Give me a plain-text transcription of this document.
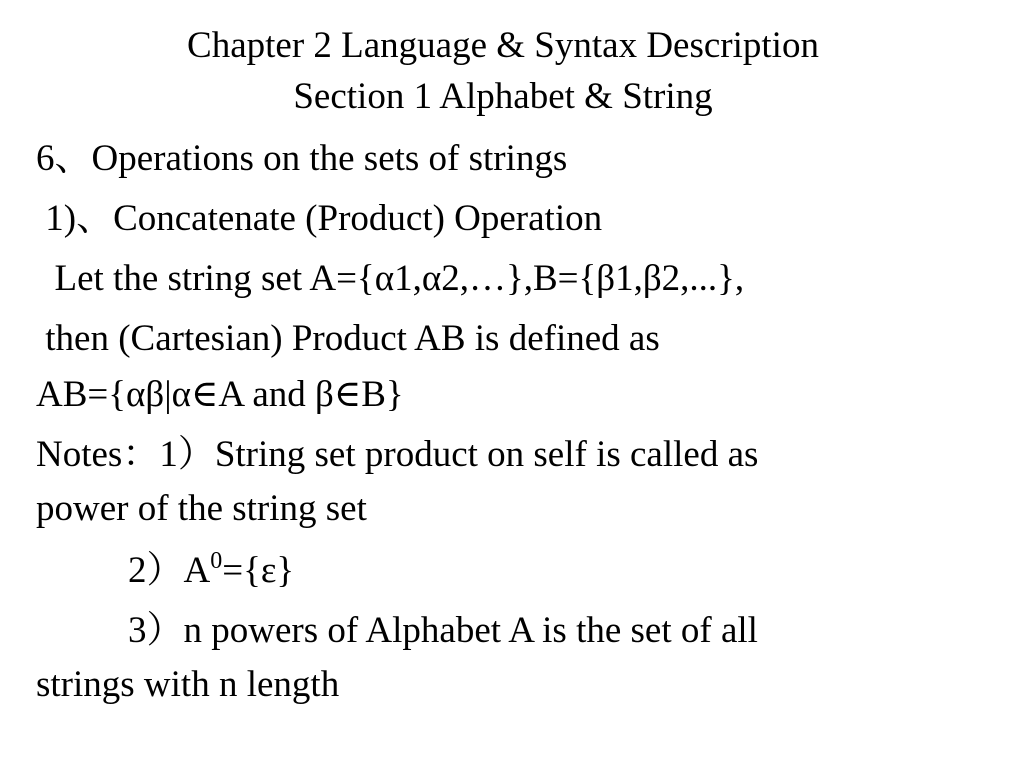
Chapter 2 Language & Syntax Description
Section 1 Alphabet & String
6、Operations on the sets of strings
1)、Concatenate (Product) Operation
Let the string set A={α1,α2,…},B={β1,β2,...},
then (Cartesian) Product AB is defined as
AB={αβ|α∈A and β∈B}
Notes：1）String set product on self is called as
power of the string set
$2)A^0=\{\varepsilon\}$
3）n powers of Alphabet A is the set of all
strings with n length
